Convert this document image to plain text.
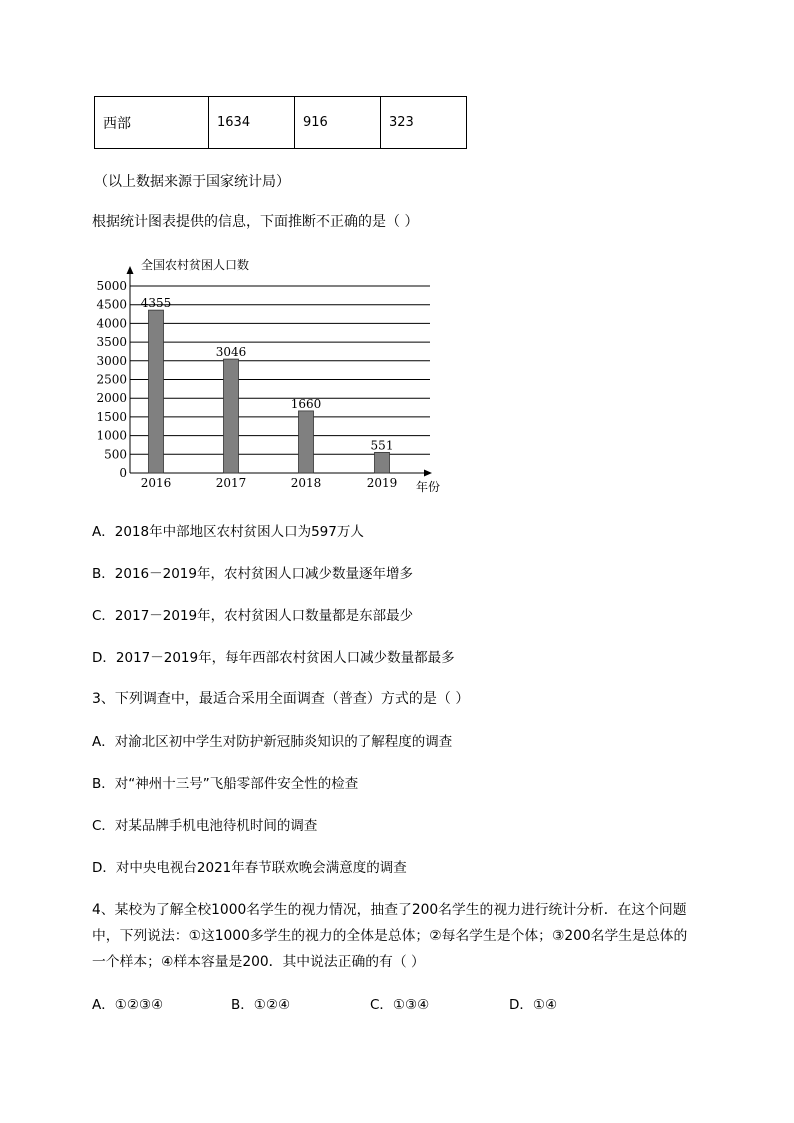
西部	1634	916	323
（以上数据来源于国家统计局）
根据统计图表提供的信息，下面推断不正确的是（ ）
0
500
1000
1500
2000
2500
3000
3500
4000
4500
5000
4355
2016
3046
2017
1660
2018
551
2019
全国农村贫困人口数
年份
A．2018年中部地区农村贫困人口为597万人
B．2016－2019年，农村贫困人口减少数量逐年增多
C．2017－2019年，农村贫困人口数量都是东部最少
D．2017－2019年，每年西部农村贫困人口减少数量都最多
3、下列调查中，最适合采用全面调查（普查）方式的是（ ）
A．对渝北区初中学生对防护新冠肺炎知识的了解程度的调查
B．对“神州十三号”飞船零部件安全性的检查
C．对某品牌手机电池待机时间的调查
D．对中央电视台2021年春节联欢晚会满意度的调查
4、某校为了解全校1000名学生的视力情况，抽查了200名学生的视力进行统计分析．在这个问题
中，下列说法：①这1000多学生的视力的全体是总体；②每名学生是个体；③200名学生是总体的
一个样本；④样本容量是200．其中说法正确的有（ ）
A．①②③④	B．①②④	C．①③④	D．①④
